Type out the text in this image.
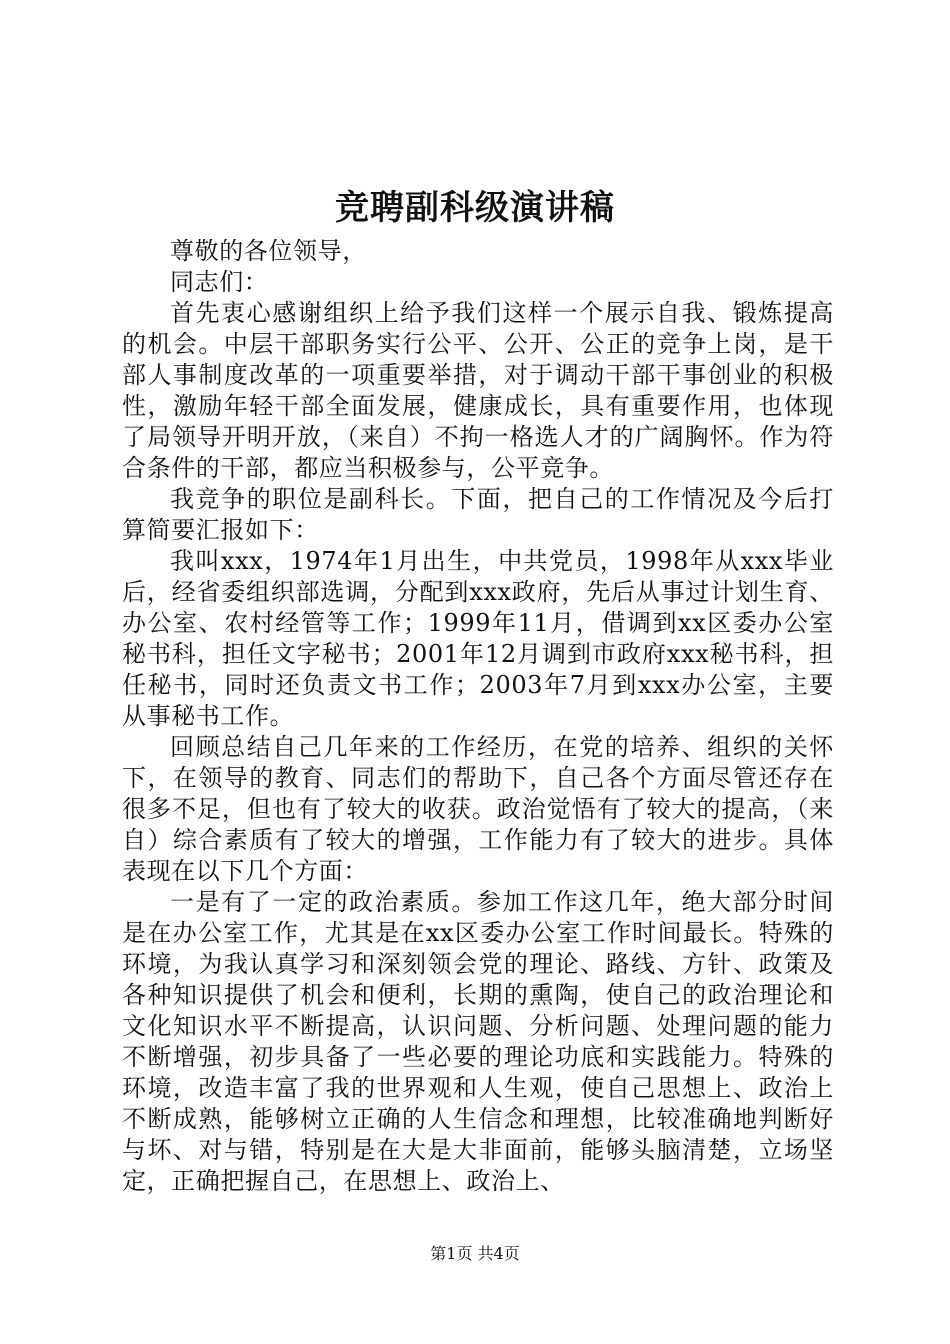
竞聘副科级演讲稿

尊敬的各位领导，

同志们：

首先衷心感谢组织上给予我们这样一个展示自我、锻炼提高的机会。中层干部职务实行公平、公开、公正的竞争上岗，是干部人事制度改革的一项重要举措，对于调动干部干事创业的积极性，激励年轻干部全面发展，健康成长，具有重要作用，也体现了局领导开明开放，（来自）不拘一格选人才的广阔胸怀。作为符合条件的干部，都应当积极参与，公平竞争。

我竞争的职位是副科长。下面，把自己的工作情况及今后打算简要汇报如下：

我叫xxx，1974年1月出生，中共党员，1998年从xxx毕业后，经省委组织部选调，分配到xxx政府，先后从事过计划生育、办公室、农村经管等工作；1999年11月，借调到xx区委办公室秘书科，担任文字秘书；2001年12月调到市政府xxx秘书科，担任秘书，同时还负责文书工作；2003年7月到xxx办公室，主要从事秘书工作。

回顾总结自己几年来的工作经历，在党的培养、组织的关怀下，在领导的教育、同志们的帮助下，自己各个方面尽管还存在很多不足，但也有了较大的收获。政治觉悟有了较大的提高，（来自）综合素质有了较大的增强，工作能力有了较大的进步。具体表现在以下几个方面：

一是有了一定的政治素质。参加工作这几年，绝大部分时间是在办公室工作，尤其是在xx区委办公室工作时间最长。特殊的环境，为我认真学习和深刻领会党的理论、路线、方针、政策及各种知识提供了机会和便利，长期的熏陶，使自己的政治理论和文化知识水平不断提高，认识问题、分析问题、处理问题的能力不断增强，初步具备了一些必要的理论功底和实践能力。特殊的环境，改造丰富了我的世界观和人生观，使自己思想上、政治上不断成熟，能够树立正确的人生信念和理想，比较准确地判断好与坏、对与错，特别是在大是大非面前，能够头脑清楚，立场坚定，正确把握自己，在思想上、政治上、

第1页 共4页
